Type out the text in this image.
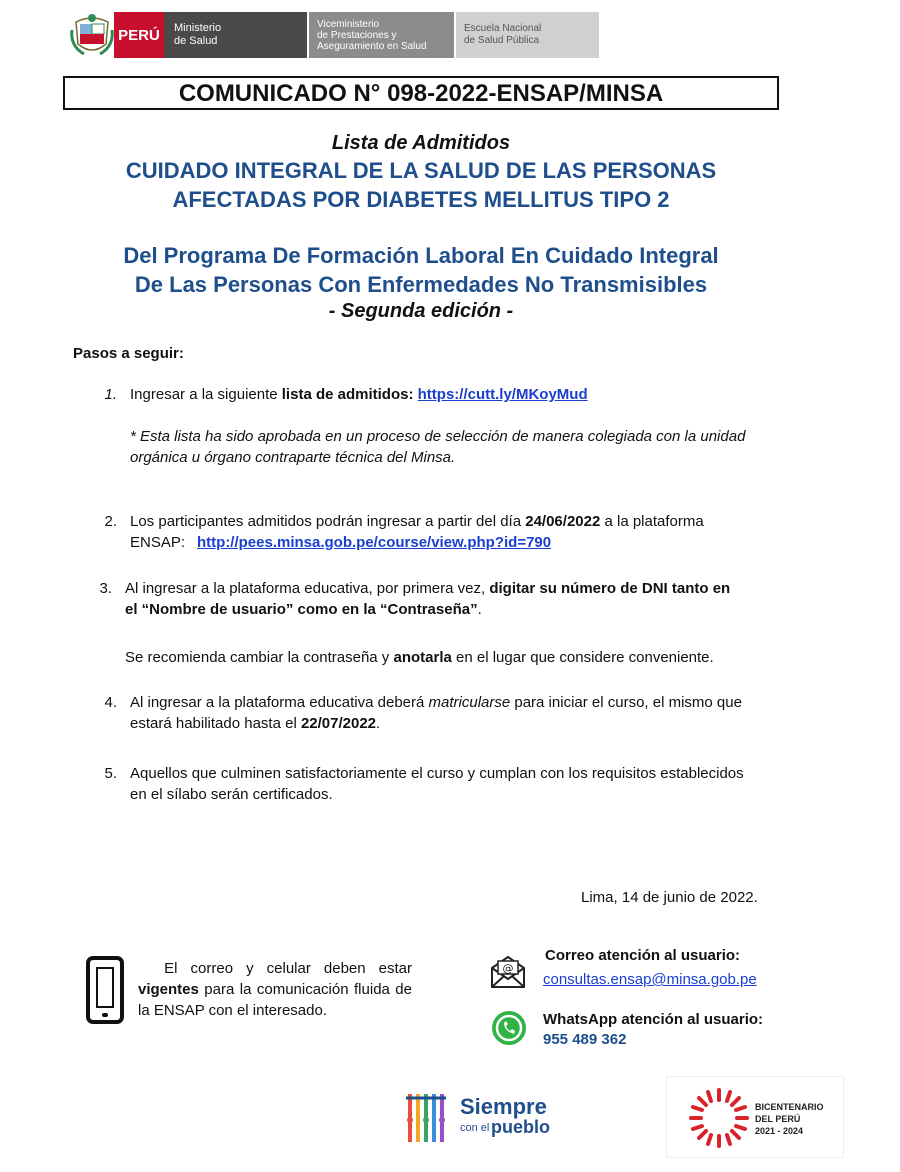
PERÚ	Ministerio
de Salud
Viceministerio
de Prestaciones y
Aseguramiento en Salud
Escuela Nacional
de Salud Pública
COMUNICADO N° 098-2022-ENSAP/MINSA
Lista de Admitidos
CUIDADO INTEGRAL DE LA SALUD DE LAS PERSONAS
AFECTADAS POR DIABETES MELLITUS TIPO 2
Del Programa De Formación Laboral En Cuidado Integral
De Las Personas Con Enfermedades No Transmisibles
- Segunda edición -
Pasos a seguir:
1. Ingresar a la siguiente lista de admitidos: https://cutt.ly/MKoyMud
* Esta lista ha sido aprobada en un proceso de selección de manera colegiada con la unidad orgánica u órgano contraparte técnica del Minsa.
2. Los participantes admitidos podrán ingresar a partir del día 24/06/2022 a la plataforma
ENSAP: http://pees.minsa.gob.pe/course/view.php?id=790
3. Al ingresar a la plataforma educativa, por primera vez, digitar su número de DNI tanto en
el “Nombre de usuario” como en la “Contraseña”.
Se recomienda cambiar la contraseña y anotarla en el lugar que considere conveniente.
4. Al ingresar a la plataforma educativa deberá matricularse para iniciar el curso, el mismo que
estará habilitado hasta el 22/07/2022.
5. Aquellos que culminen satisfactoriamente el curso y cumplan con los requisitos establecidos
en el sílabo serán certificados.
Lima, 14 de junio de 2022.
El correo y celular deben estar vigentes para la comunicación fluida de la ENSAP con el interesado.
@
Correo atención al usuario:
consultas.ensap@minsa.gob.pe
WhatsApp atención al usuario:
955 489 362
Siempre
con el pueblo
BICENTENARIO
DEL PERÚ
2021 - 2024
